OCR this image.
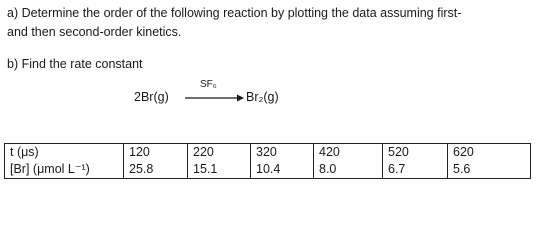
a) Determine the order of the following reaction by plotting the data assuming first-
and then second-order kinetics.
b) Find the rate constant
2Br(g)
SF₆
Br₂(g)
t (μs)	120	220	320	420	520	620
[Br] (μmol L⁻¹)	25.8	15.1	10.4	8.0	6.7	5.6
